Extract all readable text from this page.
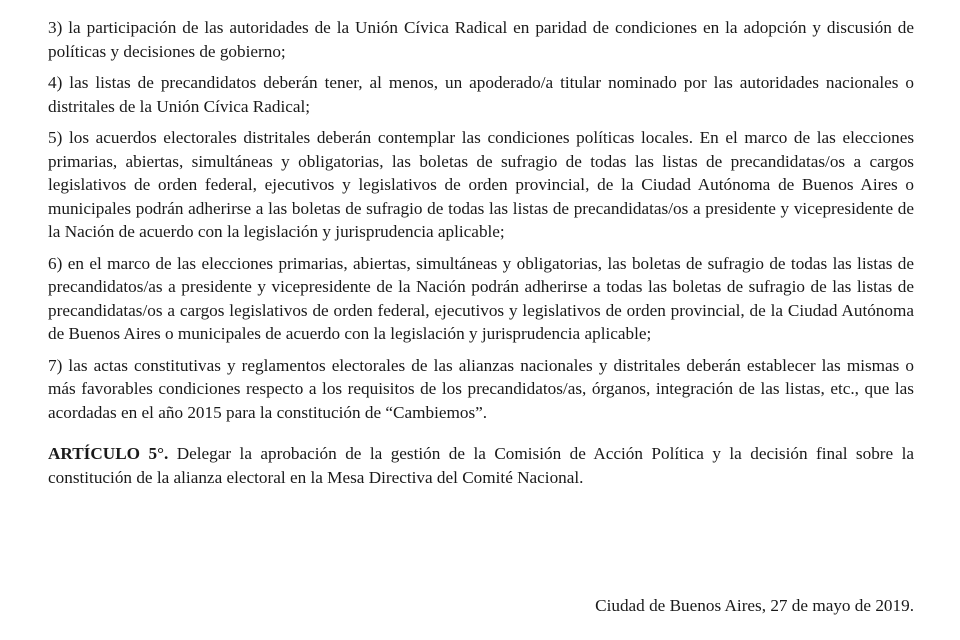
3) la participación de las autoridades de la Unión Cívica Radical en paridad de condiciones en la adopción y discusión de políticas y decisiones de gobierno;

4) las listas de precandidatos deberán tener, al menos, un apoderado/a titular nominado por las autoridades nacionales o distritales de la Unión Cívica Radical;

5) los acuerdos electorales distritales deberán contemplar las condiciones políticas locales. En el marco de las elecciones primarias, abiertas, simultáneas y obligatorias, las boletas de sufragio de todas las listas de precandidatas/os a cargos legislativos de orden federal, ejecutivos y legislativos de orden provincial, de la Ciudad Autónoma de Buenos Aires o municipales podrán adherirse a las boletas de sufragio de todas las listas de precandidatas/os a presidente y vicepresidente de la Nación de acuerdo con la legislación y jurisprudencia aplicable;

6) en el marco de las elecciones primarias, abiertas, simultáneas y obligatorias, las boletas de sufragio de todas las listas de precandidatos/as a presidente y vicepresidente de la Nación podrán adherirse a todas las boletas de sufragio de las listas de precandidatas/os a cargos legislativos de orden federal, ejecutivos y legislativos de orden provincial, de la Ciudad Autónoma de Buenos Aires o municipales de acuerdo con la legislación y jurisprudencia aplicable;

7) las actas constitutivas y reglamentos electorales de las alianzas nacionales y distritales deberán establecer las mismas o más favorables condiciones respecto a los requisitos de los precandidatos/as, órganos, integración de las listas, etc., que las acordadas en el año 2015 para la constitución de “Cambiemos”.

ARTÍCULO 5°. Delegar la aprobación de la gestión de la Comisión de Acción Política y la decisión final sobre la constitución de la alianza electoral en la Mesa Directiva del Comité Nacional.

Ciudad de Buenos Aires, 27 de mayo de 2019.
